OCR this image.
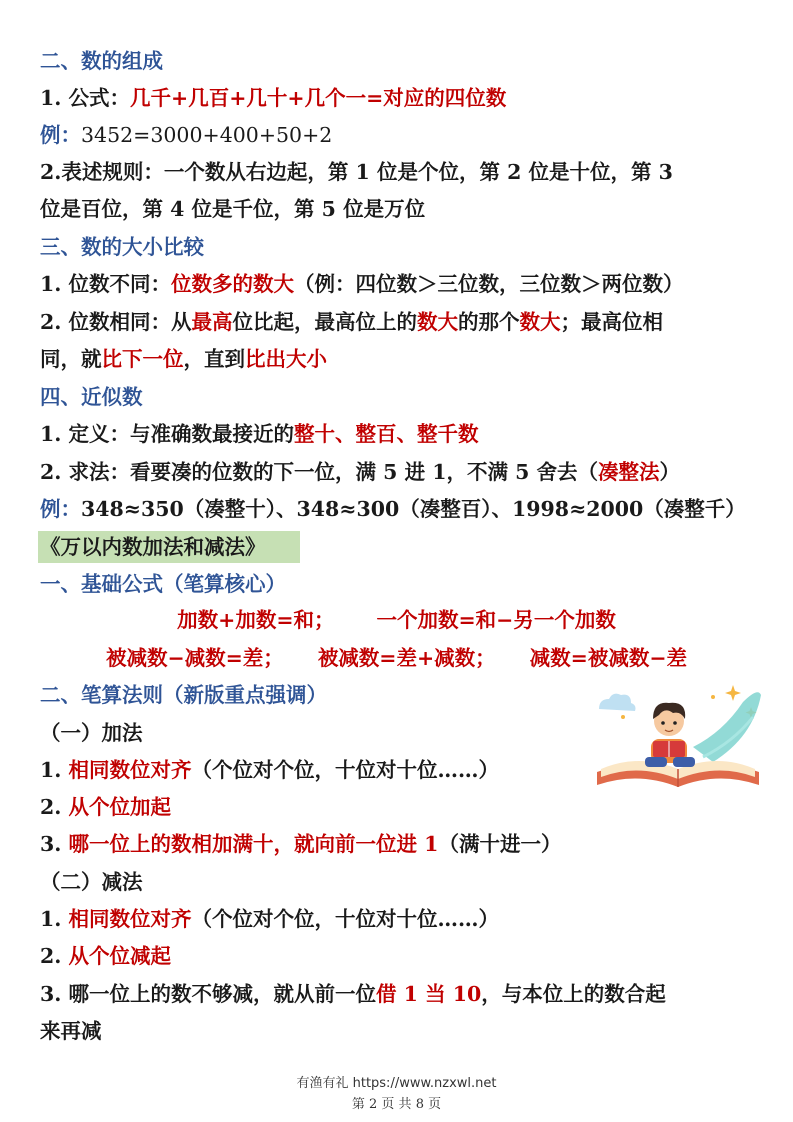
二、数的组成
1. 公式：几千+几百+几十+几个一=对应的四位数
例：3452=3000+400+50+2
2.表述规则：一个数从右边起，第 1 位是个位，第 2 位是十位，第 3
位是百位，第 4 位是千位，第 5 位是万位
三、数的大小比较
1. 位数不同：位数多的数大（例：四位数＞三位数，三位数＞两位数）
2. 位数相同：从最高位比起，最高位上的数大的那个数大；最高位相
同，就比下一位，直到比出大小
四、近似数
1. 定义：与准确数最接近的整十、整百、整千数
2. 求法：看要凑的位数的下一位，满 5 进 1，不满 5 舍去（凑整法）
例：348≈350（凑整十）、348≈300（凑整百）、1998≈2000（凑整千）
《万以内数加法和减法》
一、基础公式（笔算核心）
加数+加数=和； 一个加数=和−另一个加数
被减数−减数=差； 被减数=差+减数； 减数=被减数−差
二、笔算法则（新版重点强调）
（一）加法
1. 相同数位对齐（个位对个位，十位对十位……）
2. 从个位加起
3. 哪一位上的数相加满十，就向前一位进 1（满十进一）
（二）减法
1. 相同数位对齐（个位对个位，十位对十位……）
2. 从个位减起
3. 哪一位上的数不够减，就从前一位借 1 当 10，与本位上的数合起
来再减
有渔有礼 https://www.nzxwl.net
第 2 页 共 8 页
